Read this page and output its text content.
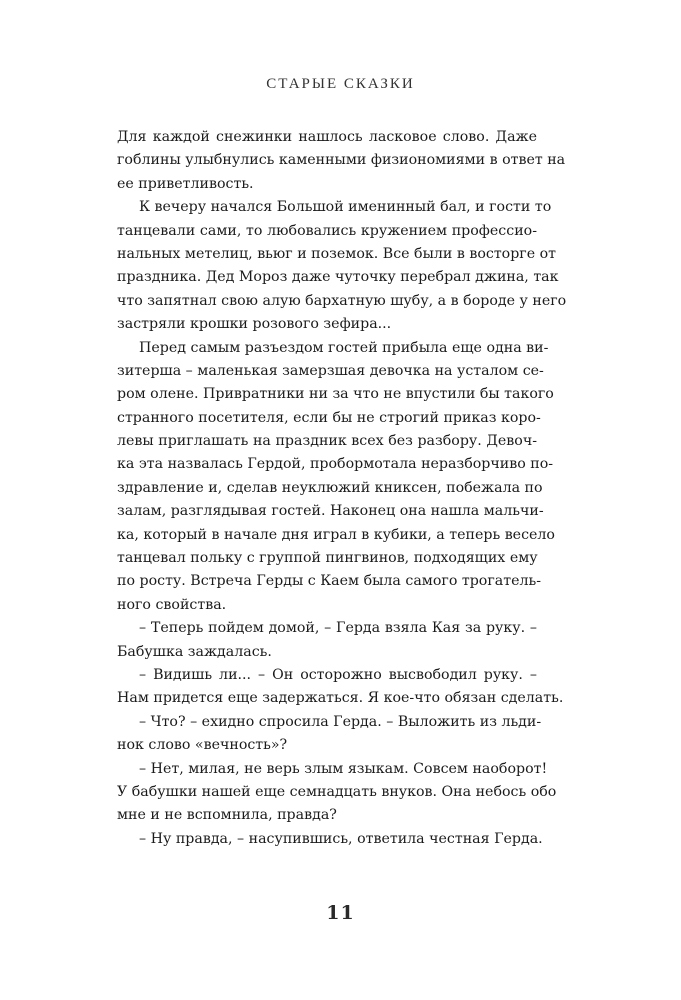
СТАРЫЕ СКАЗКИ
Для каждой снежинки нашлось ласковое слово. Даже
гоблины улыбнулись каменными физиономиями в ответ на
ее приветливость.
К вечеру начался Большой именинный бал, и гости то
танцевали сами, то любовались кружением профессио-
нальных метелиц, вьюг и поземок. Все были в восторге от
праздника. Дед Мороз даже чуточку перебрал джина, так
что запятнал свою алую бархатную шубу, а в бороде у него
застряли крошки розового зефира...
Перед самым разъездом гостей прибыла еще одна ви-
зитерша – маленькая замерзшая девочка на усталом се-
ром олене. Привратники ни за что не впустили бы такого
странного посетителя, если бы не строгий приказ коро-
левы приглашать на праздник всех без разбору. Девоч-
ка эта назвалась Гердой, пробормотала неразборчиво по-
здравление и, сделав неуклюжий книксен, побежала по
залам, разглядывая гостей. Наконец она нашла мальчи-
ка, который в начале дня играл в кубики, а теперь весело
танцевал польку с группой пингвинов, подходящих ему
по росту. Встреча Герды с Каем была самого трогатель-
ного свойства.
– Теперь пойдем домой, – Герда взяла Кая за руку. –
Бабушка заждалась.
– Видишь ли... – Он осторожно высвободил руку. –
Нам придется еще задержаться. Я кое-что обязан сделать.
– Что? – ехидно спросила Герда. – Выложить из льди-
нок слово «вечность»?
– Нет, милая, не верь злым языкам. Совсем наоборот!
У бабушки нашей еще семнадцать внуков. Она небось обо
мне и не вспомнила, правда?
– Ну правда, – насупившись, ответила честная Герда.
11
